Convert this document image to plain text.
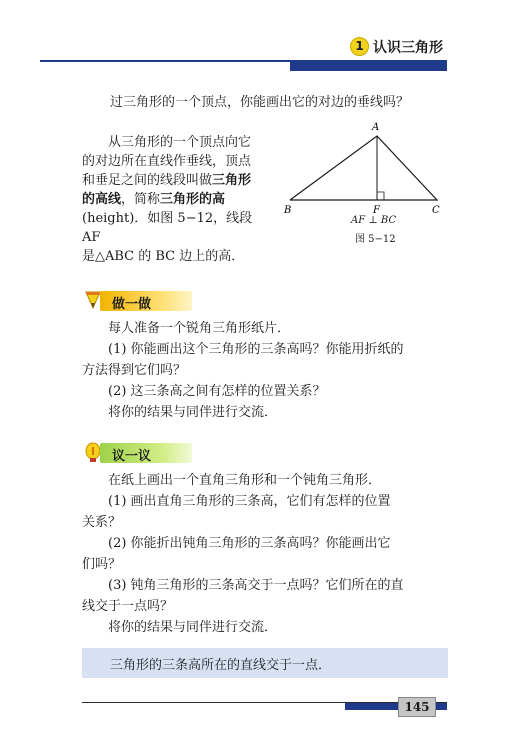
1 认识三角形
过三角形的一个顶点，你能画出它的对边的垂线吗？
从三角形的一个顶点向它
的对边所在直线作垂线，顶点
和垂足之间的线段叫做三角形
的高线，简称三角形的高
(height)．如图 5−12，线段 AF
是△ABC 的 BC 边上的高．
A
B	C
F
AF ⊥ BC
图 5−12
做一做
每人准备一个锐角三角形纸片．
(1) 你能画出这个三角形的三条高吗？你能用折纸的
方法得到它们吗？
(2) 这三条高之间有怎样的位置关系？
将你的结果与同伴进行交流．
议一议
在纸上画出一个直角三角形和一个钝角三角形．
(1) 画出直角三角形的三条高，它们有怎样的位置
关系？
(2) 你能折出钝角三角形的三条高吗？你能画出它
们吗？
(3) 钝角三角形的三条高交于一点吗？它们所在的直
线交于一点吗？
将你的结果与同伴进行交流．
三角形的三条高所在的直线交于一点．
145
